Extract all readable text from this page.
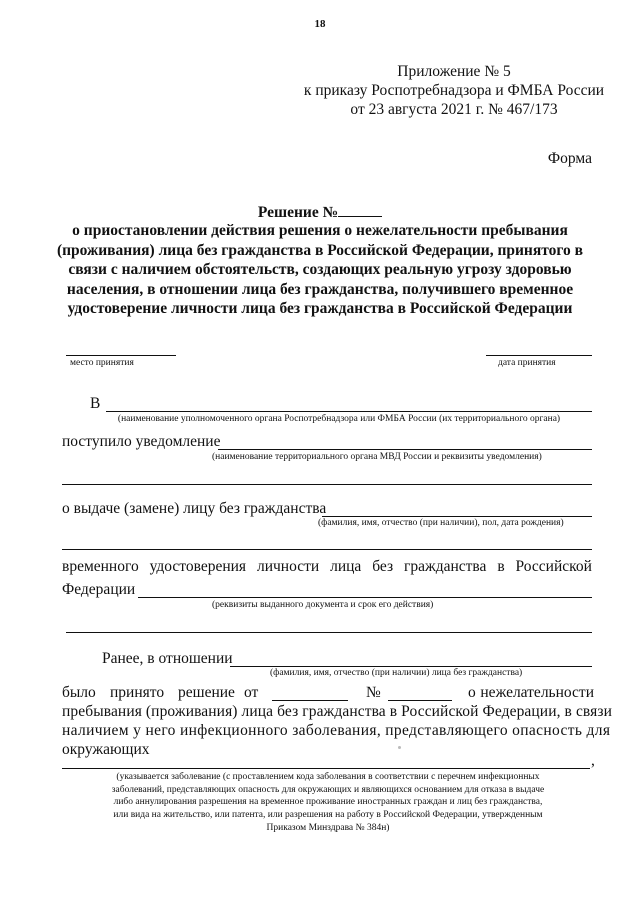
18
Приложение № 5
к приказу Роспотребнадзора и ФМБА России
от 23 августа 2021 г. № 467/173
Форма
Решение №
о приостановлении действия решения о нежелательности пребывания
(проживания) лица без гражданства в Российской Федерации, принятого в
связи с наличием обстоятельств, создающих реальную угрозу здоровью
населения, в отношении лица без гражданства, получившего временное
удостоверение личности лица без гражданства в Российской Федерации
место принятия	дата принятия
В
(наименование уполномоченного органа Роспотребнадзора или ФМБА России (их территориального органа)
поступило уведомление
(наименование территориального органа МВД России и реквизиты уведомления)
о выдаче (замене) лицу без гражданства
(фамилия, имя, отчество (при наличии), пол, дата рождения)
временного удостоверения личности лица без гражданства в Российской
Федерации
(реквизиты выданного документа и срок его действия)
Ранее, в отношении
(фамилия, имя, отчество (при наличии) лица без гражданства)
было принято решение от	№	о нежелательности
пребывания (проживания) лица без гражданства в Российской Федерации, в связи
наличием у него инфекционного заболевания, представляющего опасность для
окружающих
,
(указывается заболевание (с проставлением кода заболевания в соответствии с перечнем инфекционных
заболеваний, представляющих опасность для окружающих и являющихся основанием для отказа в выдаче
либо аннулирования разрешения на временное проживание иностранных граждан и лиц без гражданства,
или вида на жительство, или патента, или разрешения на работу в Российской Федерации, утвержденным
Приказом Минздрава № 384н)
